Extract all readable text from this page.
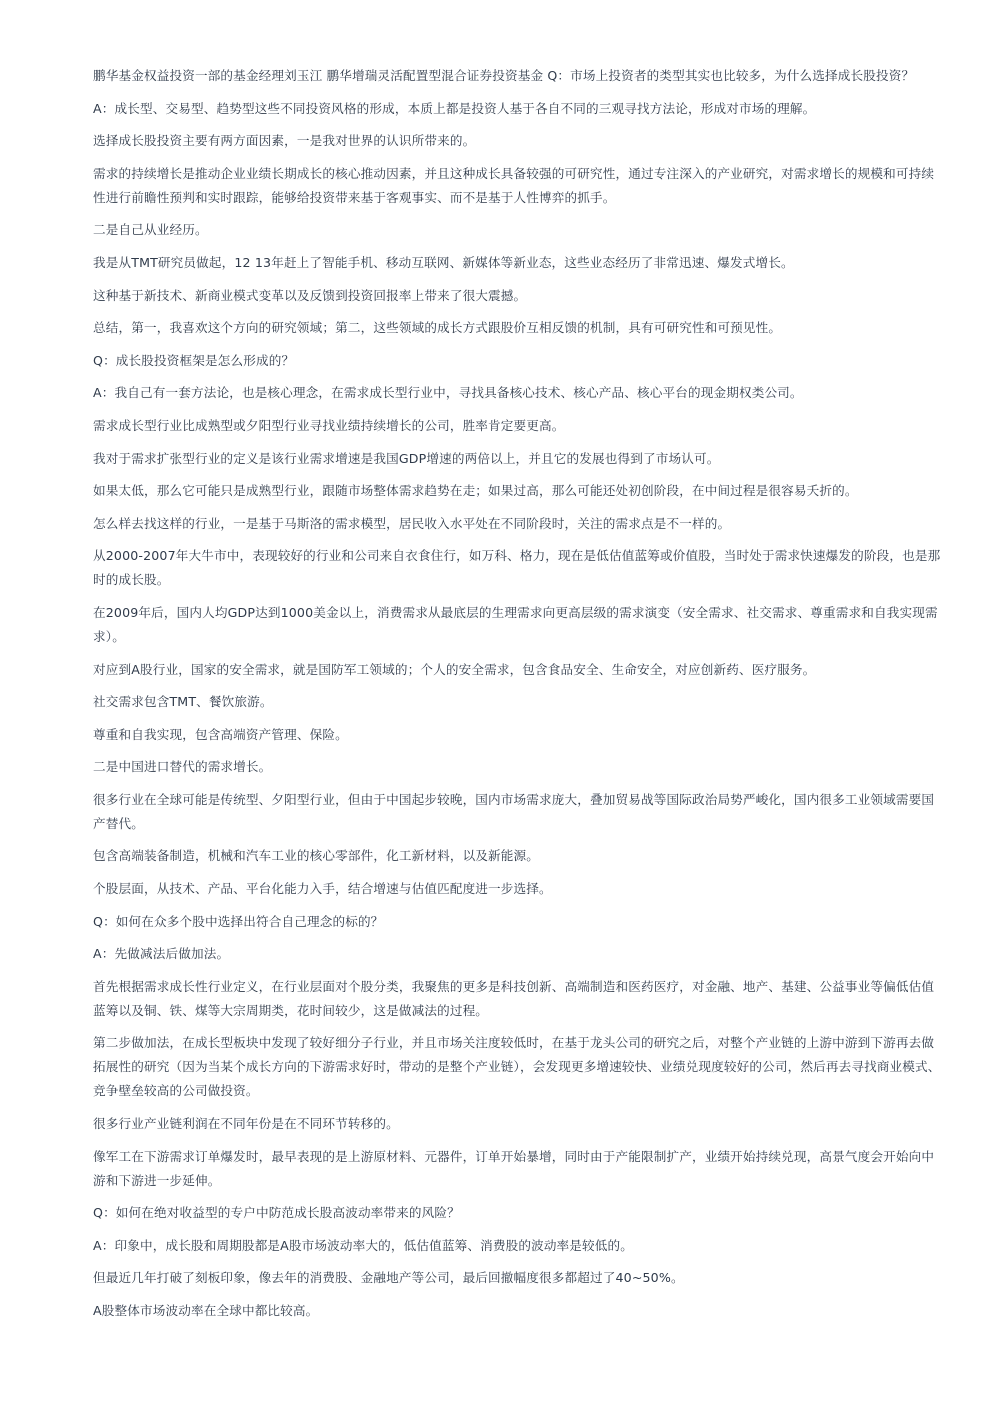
鹏华基金权益投资一部的基金经理刘玉江 鹏华增瑞灵活配置型混合证券投资基金 Q：市场上投资者的类型其实也比较多，为什么选择成长股投资？

A：成长型、交易型、趋势型这些不同投资风格的形成，本质上都是投资人基于各自不同的三观寻找方法论，形成对市场的理解。

选择成长股投资主要有两方面因素，一是我对世界的认识所带来的。

需求的持续增长是推动企业业绩长期成长的核心推动因素，并且这种成长具备较强的可研究性，通过专注深入的产业研究，对需求增长的规模和可持续性进行前瞻性预判和实时跟踪，能够给投资带来基于客观事实、而不是基于人性博弈的抓手。

二是自己从业经历。

我是从TMT研究员做起，12 13年赶上了智能手机、移动互联网、新媒体等新业态，这些业态经历了非常迅速、爆发式增长。

这种基于新技术、新商业模式变革以及反馈到投资回报率上带来了很大震撼。

总结，第一，我喜欢这个方向的研究领域；第二，这些领域的成长方式跟股价互相反馈的机制，具有可研究性和可预见性。

Q：成长股投资框架是怎么形成的？

A：我自己有一套方法论，也是核心理念，在需求成长型行业中，寻找具备核心技术、核心产品、核心平台的现金期权类公司。

需求成长型行业比成熟型或夕阳型行业寻找业绩持续增长的公司，胜率肯定要更高。

我对于需求扩张型行业的定义是该行业需求增速是我国GDP增速的两倍以上，并且它的发展也得到了市场认可。

如果太低，那么它可能只是成熟型行业，跟随市场整体需求趋势在走；如果过高，那么可能还处初创阶段，在中间过程是很容易夭折的。

怎么样去找这样的行业，一是基于马斯洛的需求模型，居民收入水平处在不同阶段时，关注的需求点是不一样的。

从2000-2007年大牛市中，表现较好的行业和公司来自衣食住行，如万科、格力，现在是低估值蓝筹或价值股，当时处于需求快速爆发的阶段，也是那时的成长股。

在2009年后，国内人均GDP达到1000美金以上，消费需求从最底层的生理需求向更高层级的需求演变（安全需求、社交需求、尊重需求和自我实现需求）。

对应到A股行业，国家的安全需求，就是国防军工领域的；个人的安全需求，包含食品安全、生命安全，对应创新药、医疗服务。

社交需求包含TMT、餐饮旅游。

尊重和自我实现，包含高端资产管理、保险。

二是中国进口替代的需求增长。

很多行业在全球可能是传统型、夕阳型行业，但由于中国起步较晚，国内市场需求庞大，叠加贸易战等国际政治局势严峻化，国内很多工业领域需要国产替代。

包含高端装备制造，机械和汽车工业的核心零部件，化工新材料，以及新能源。

个股层面，从技术、产品、平台化能力入手，结合增速与估值匹配度进一步选择。

Q：如何在众多个股中选择出符合自己理念的标的？

A：先做减法后做加法。

首先根据需求成长性行业定义，在行业层面对个股分类，我聚焦的更多是科技创新、高端制造和医药医疗，对金融、地产、基建、公益事业等偏低估值蓝筹以及铜、铁、煤等大宗周期类，花时间较少，这是做减法的过程。

第二步做加法，在成长型板块中发现了较好细分子行业，并且市场关注度较低时，在基于龙头公司的研究之后，对整个产业链的上游中游到下游再去做拓展性的研究（因为当某个成长方向的下游需求好时，带动的是整个产业链），会发现更多增速较快、业绩兑现度较好的公司，然后再去寻找商业模式、竞争壁垒较高的公司做投资。

很多行业产业链利润在不同年份是在不同环节转移的。

像军工在下游需求订单爆发时，最早表现的是上游原材料、元器件，订单开始暴增，同时由于产能限制扩产，业绩开始持续兑现，高景气度会开始向中游和下游进一步延伸。

Q：如何在绝对收益型的专户中防范成长股高波动率带来的风险？

A：印象中，成长股和周期股都是A股市场波动率大的，低估值蓝筹、消费股的波动率是较低的。

但最近几年打破了刻板印象，像去年的消费股、金融地产等公司，最后回撤幅度很多都超过了40~50%。

A股整体市场波动率在全球中都比较高。
